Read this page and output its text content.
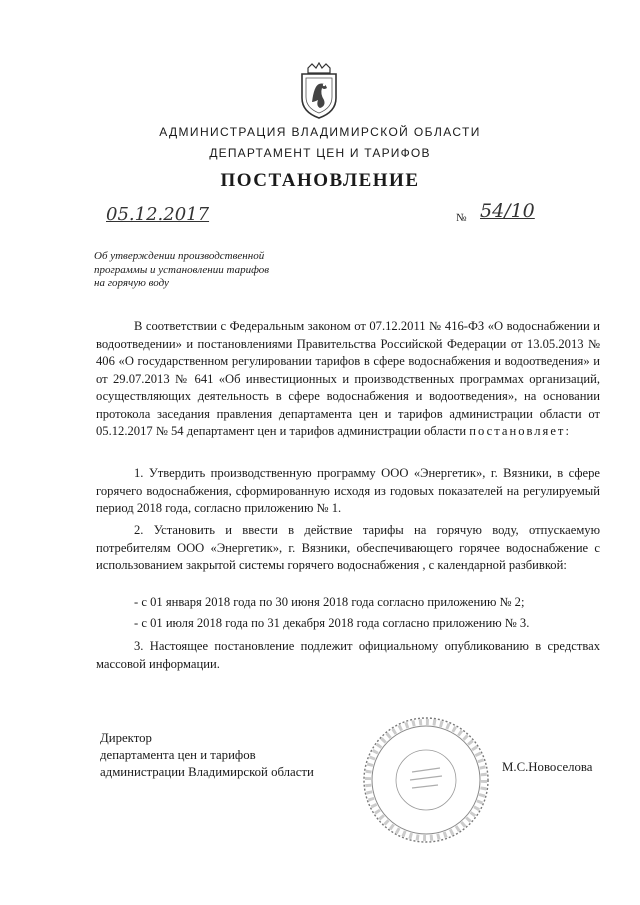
АДМИНИСТРАЦИЯ ВЛАДИМИРСКОЙ ОБЛАСТИ
ДЕПАРТАМЕНТ ЦЕН И ТАРИФОВ
ПОСТАНОВЛЕНИЕ
05.12.2017	№ 54/10
Об утверждении производственной
программы и установлении тарифов
на горячую воду
В соответствии с Федеральным законом от 07.12.2011 № 416-ФЗ «О водоснабжении и водоотведении» и постановлениями Правительства Российской Федерации от 13.05.2013 № 406 «О государственном регулировании тарифов в сфере водоснабжения и водоотведения» и от 29.07.2013 № 641 «Об инвестиционных и производственных программах организаций, осуществляющих деятельность в сфере водоснабжения и водоотведения», на основании протокола заседания правления департамента цен и тарифов администрации области от 05.12.2017 № 54 департамент цен и тарифов администрации области постановляет:
1. Утвердить производственную программу ООО «Энергетик», г. Вязники, в сфере горячего водоснабжения, сформированную исходя из годовых показателей на регулируемый период 2018 года, согласно приложению № 1.
2. Установить и ввести в действие тарифы на горячую воду, отпускаемую потребителям ООО «Энергетик», г. Вязники, обеспечивающего горячее водоснабжение с использованием закрытой системы горячего водоснабжения , с календарной разбивкой:
- с 01 января 2018 года по 30 июня 2018 года согласно приложению № 2;
- с 01 июля 2018 года по 31 декабря 2018 года согласно приложению № 3.
3. Настоящее постановление подлежит официальному опубликованию в средствах массовой информации.
Директор
департамента цен и тарифов
администрации Владимирской области	М.С.Новоселова
